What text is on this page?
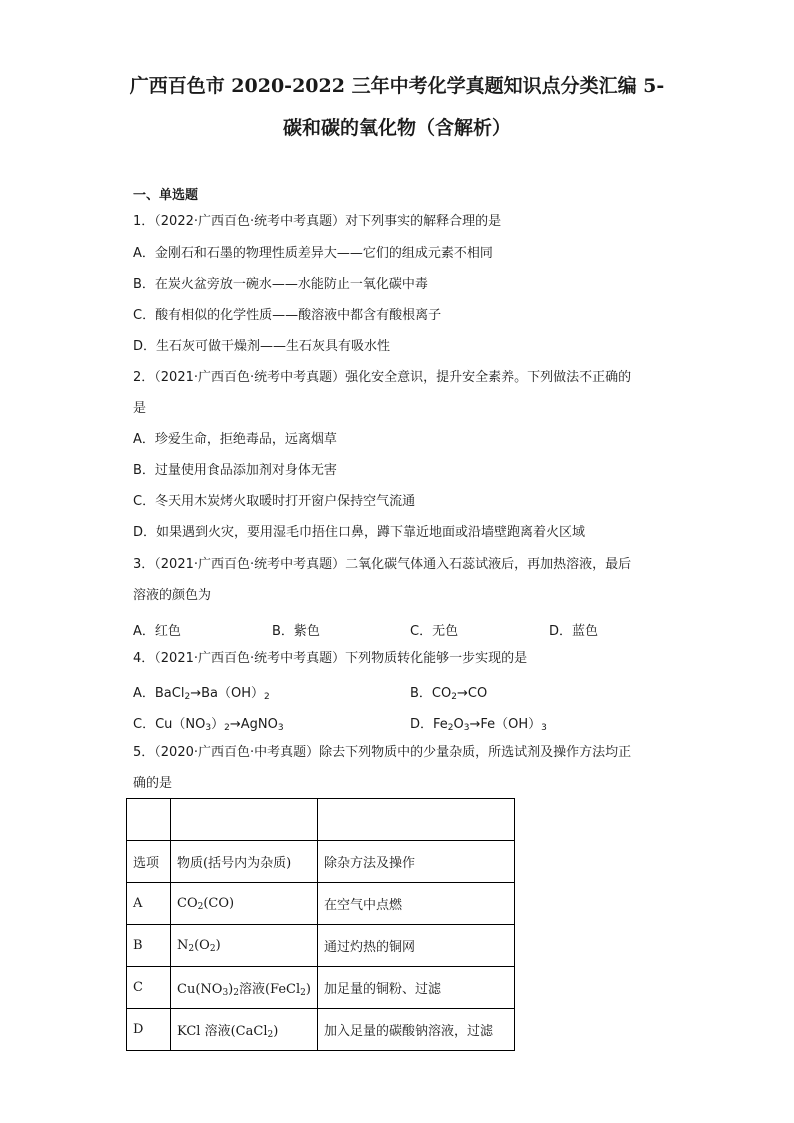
广西百色市 2020-2022 三年中考化学真题知识点分类汇编 5-
碳和碳的氧化物（含解析）
一、单选题
1．（2022·广西百色·统考中考真题）对下列事实的解释合理的是
A．金刚石和石墨的物理性质差异大——它们的组成元素不相同
B．在炭火盆旁放一碗水——水能防止一氧化碳中毒
C．酸有相似的化学性质——酸溶液中都含有酸根离子
D．生石灰可做干燥剂——生石灰具有吸水性
2．（2021·广西百色·统考中考真题）强化安全意识，提升安全素养。下列做法不正确的
是
A．珍爱生命，拒绝毒品，远离烟草
B．过量使用食品添加剂对身体无害
C．冬天用木炭烤火取暖时打开窗户保持空气流通
D．如果遇到火灾，要用湿毛巾捂住口鼻，蹲下靠近地面或沿墙壁跑离着火区域
3．（2021·广西百色·统考中考真题）二氧化碳气体通入石蕊试液后，再加热溶液，最后
溶液的颜色为
A．红色	B．紫色	C．无色	D．蓝色
4．（2021·广西百色·统考中考真题）下列物质转化能够一步实现的是
A．$BaCl_2\to Ba(OH)_2$	B．$CO_2\to CO$
C．$Cu(NO_3)_2\to AgNO_3$	D．$Fe_2O_3\to Fe(OH)_3$
5．（2020·广西百色·中考真题）除去下列物质中的少量杂质，所选试剂及操作方法均正
确的是

选项	物质(括号内为杂质)	除杂方法及操作
A	$CO_2(CO)$	在空气中点燃
B	$N_2(O_2)$	通过灼热的铜网
C	$Cu(NO_3)_2$溶液(FeCl$_2$)	加足量的铜粉、过滤
D	KCl 溶液(CaCl$_2$)	加入足量的碳酸钠溶液，过滤
